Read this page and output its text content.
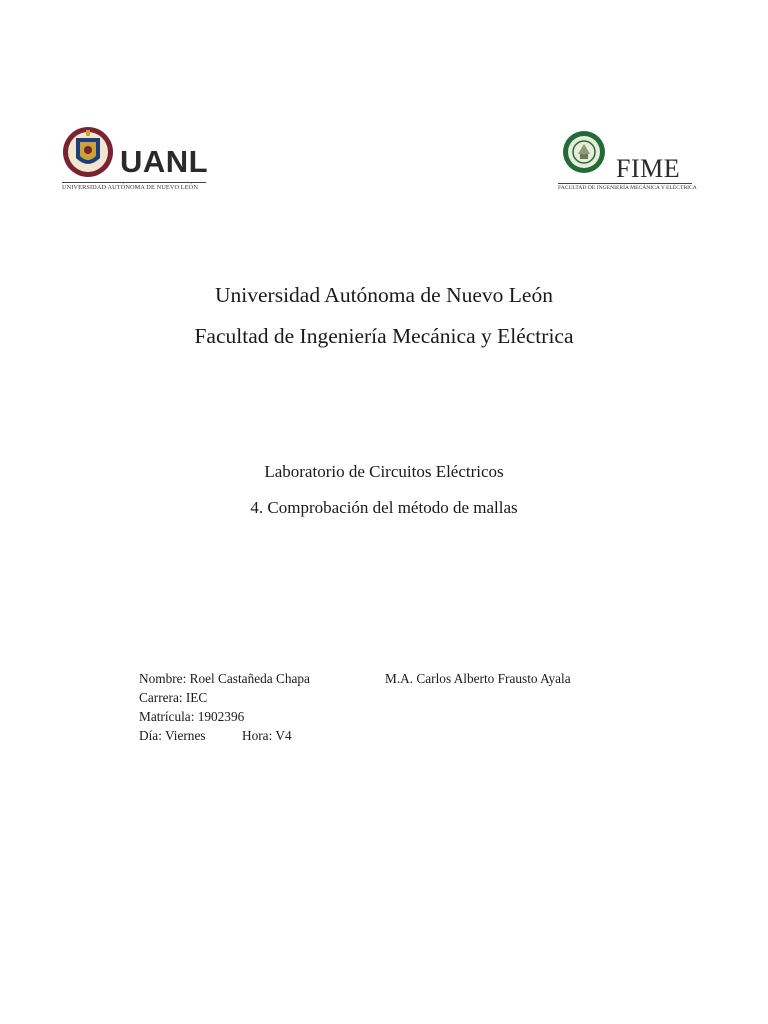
UANL
UNIVERSIDAD AUTÓNOMA DE NUEVO LEÓN
FIME
FACULTAD DE INGENIERÍA MECÁNICA Y ELÉCTRICA
Universidad Autónoma de Nuevo León
Facultad de Ingeniería Mecánica y Eléctrica
Laboratorio de Circuitos Eléctricos
4. Comprobación del método de mallas
Nombre: Roel Castañeda Chapa	M.A. Carlos Alberto Frausto Ayala
Carrera: IEC
Matrícula: 1902396
Día: Viernes	Hora: V4
